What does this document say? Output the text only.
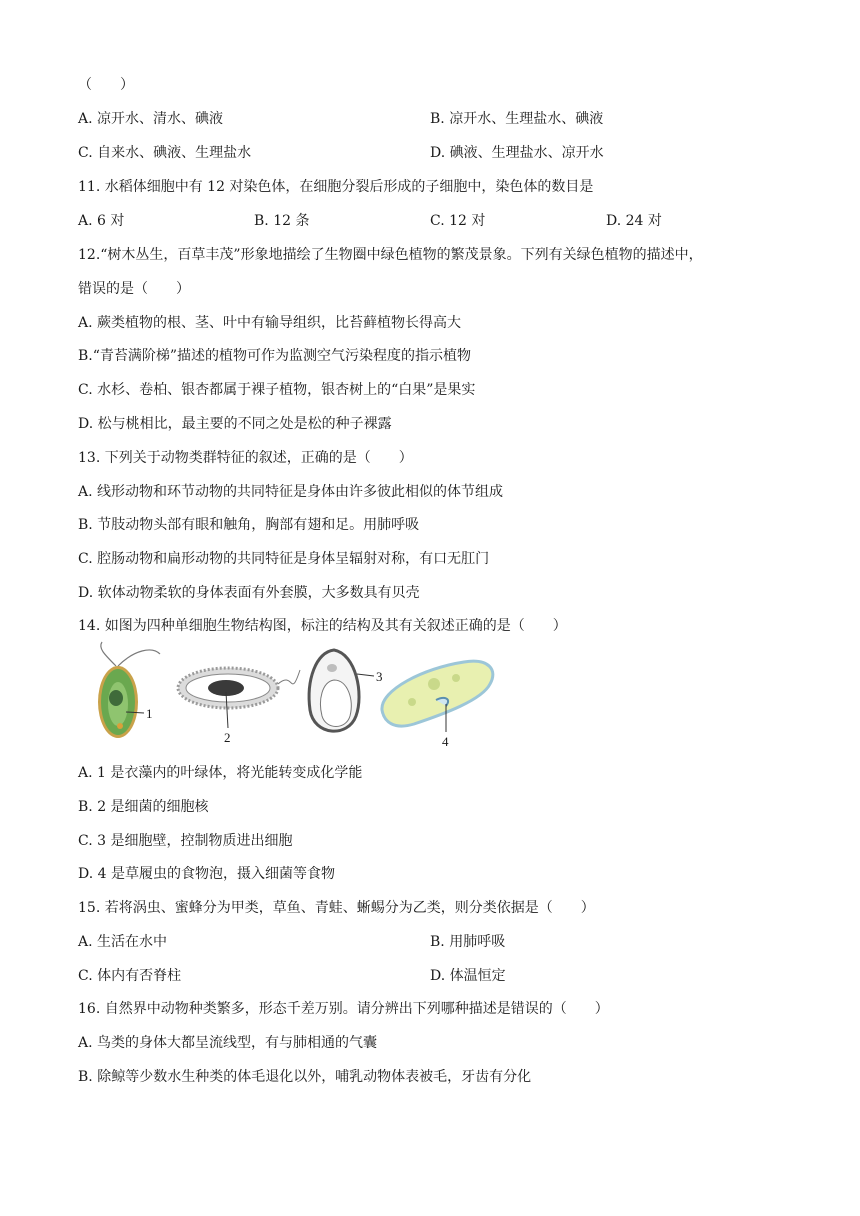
（　　）
A. 凉开水、清水、碘液	B. 凉开水、生理盐水、碘液
C. 自来水、碘液、生理盐水	D. 碘液、生理盐水、凉开水
11. 水稻体细胞中有 12 对染色体，在细胞分裂后形成的子细胞中，染色体的数目是
A. 6 对	B. 12 条	C. 12 对	D. 24 对
12.“树木丛生，百草丰茂”形象地描绘了生物圈中绿色植物的繁茂景象。下列有关绿色植物的描述中，
错误的是（　　）
A. 蕨类植物的根、茎、叶中有输导组织，比苔藓植物长得高大
B.“青苔满阶梯”描述的植物可作为监测空气污染程度的指示植物
C. 水杉、卷柏、银杏都属于裸子植物，银杏树上的“白果”是果实
D. 松与桃相比，最主要的不同之处是松的种子裸露
13. 下列关于动物类群特征的叙述，正确的是（　　）
A. 线形动物和环节动物的共同特征是身体由许多彼此相似的体节组成
B. 节肢动物头部有眼和触角，胸部有翅和足。用肺呼吸
C. 腔肠动物和扁形动物的共同特征是身体呈辐射对称，有口无肛门
D. 软体动物柔软的身体表面有外套膜，大多数具有贝壳
14. 如图为四种单细胞生物结构图，标注的结构及其有关叙述正确的是（　　）
1
2
3
4
A. 1 是衣藻内的叶绿体，将光能转变成化学能
B. 2 是细菌的细胞核
C. 3 是细胞壁，控制物质进出细胞
D. 4 是草履虫的食物泡，摄入细菌等食物
15. 若将涡虫、蜜蜂分为甲类，草鱼、青蛙、蜥蜴分为乙类，则分类依据是（　　）
A. 生活在水中	B. 用肺呼吸
C. 体内有否脊柱	D. 体温恒定
16. 自然界中动物种类繁多，形态千差万别。请分辨出下列哪种描述是错误的（　　）
A. 鸟类的身体大都呈流线型，有与肺相通的气囊
B. 除鲸等少数水生种类的体毛退化以外，哺乳动物体表被毛，牙齿有分化
